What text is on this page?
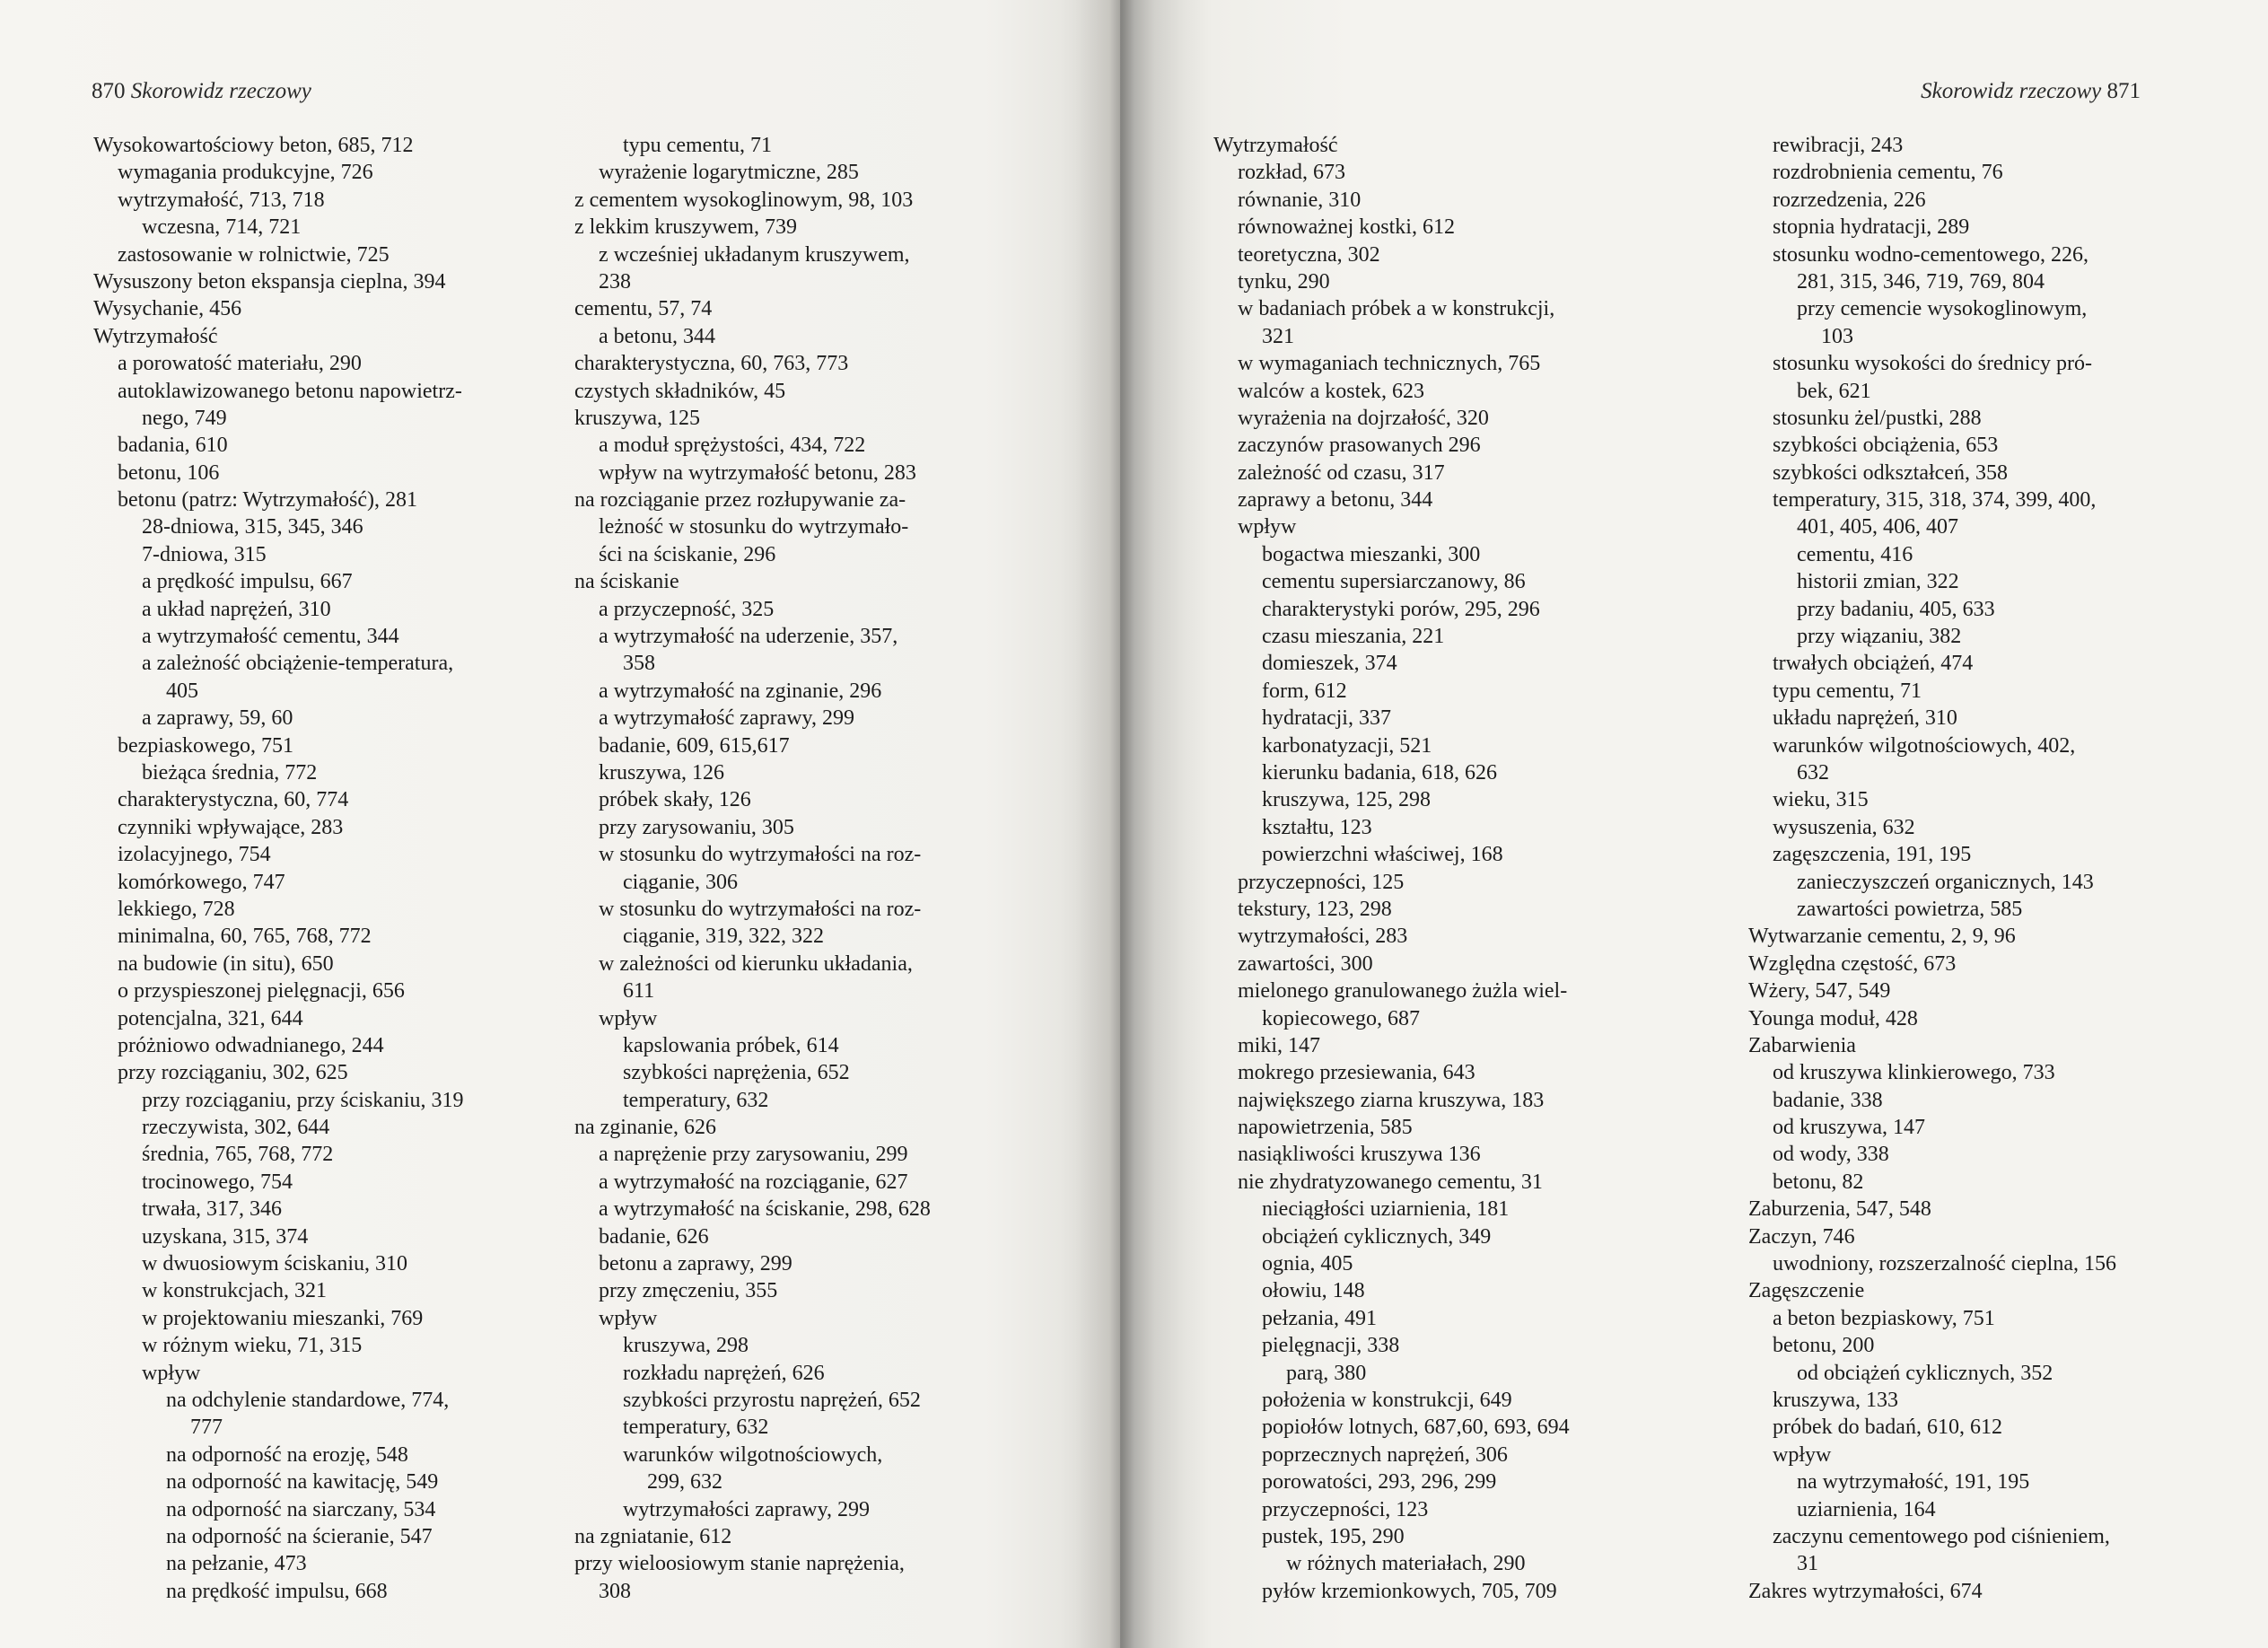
870 Skorowidz rzeczowy
Wysokowartościowy beton, 685, 712
wymagania produkcyjne, 726
wytrzymałość, 713, 718
wczesna, 714, 721
zastosowanie w rolnictwie, 725
Wysuszony beton ekspansja cieplna, 394
Wysychanie, 456
Wytrzymałość
a porowatość materiału, 290
autoklawizowanego betonu napowietrz-
nego, 749
badania, 610
betonu, 106
betonu (patrz: Wytrzymałość), 281
28-dniowa, 315, 345, 346
7-dniowa, 315
a prędkość impulsu, 667
a układ naprężeń, 310
a wytrzymałość cementu, 344
a zależność obciążenie-temperatura,
405
a zaprawy, 59, 60
bezpiaskowego, 751
bieżąca średnia, 772
charakterystyczna, 60, 774
czynniki wpływające, 283
izolacyjnego, 754
komórkowego, 747
lekkiego, 728
minimalna, 60, 765, 768, 772
na budowie (in situ), 650
o przyspieszonej pielęgnacji, 656
potencjalna, 321, 644
próżniowo odwadnianego, 244
przy rozciąganiu, 302, 625
przy rozciąganiu, przy ściskaniu, 319
rzeczywista, 302, 644
średnia, 765, 768, 772
trocinowego, 754
trwała, 317, 346
uzyskana, 315, 374
w dwuosiowym ściskaniu, 310
w konstrukcjach, 321
w projektowaniu mieszanki, 769
w różnym wieku, 71, 315
wpływ
na odchylenie standardowe, 774,
777
na odporność na erozję, 548
na odporność na kawitację, 549
na odporność na siarczany, 534
na odporność na ścieranie, 547
na pełzanie, 473
na prędkość impulsu, 668
typu cementu, 71
wyrażenie logarytmiczne, 285
z cementem wysokoglinowym, 98, 103
z lekkim kruszywem, 739
z wcześniej układanym kruszywem,
238
cementu, 57, 74
a betonu, 344
charakterystyczna, 60, 763, 773
czystych składników, 45
kruszywa, 125
a moduł sprężystości, 434, 722
wpływ na wytrzymałość betonu, 283
na rozciąganie przez rozłupywanie za-
leżność w stosunku do wytrzymało-
ści na ściskanie, 296
na ściskanie
a przyczepność, 325
a wytrzymałość na uderzenie, 357,
358
a wytrzymałość na zginanie, 296
a wytrzymałość zaprawy, 299
badanie, 609, 615,617
kruszywa, 126
próbek skały, 126
przy zarysowaniu, 305
w stosunku do wytrzymałości na roz-
ciąganie, 306
w stosunku do wytrzymałości na roz-
ciąganie, 319, 322, 322
w zależności od kierunku układania,
611
wpływ
kapslowania próbek, 614
szybkości naprężenia, 652
temperatury, 632
na zginanie, 626
a naprężenie przy zarysowaniu, 299
a wytrzymałość na rozciąganie, 627
a wytrzymałość na ściskanie, 298, 628
badanie, 626
betonu a zaprawy, 299
przy zmęczeniu, 355
wpływ
kruszywa, 298
rozkładu naprężeń, 626
szybkości przyrostu naprężeń, 652
temperatury, 632
warunków wilgotnościowych,
299, 632
wytrzymałości zaprawy, 299
na zgniatanie, 612
przy wieloosiowym stanie naprężenia,
308
Skorowidz rzeczowy 871
Wytrzymałość
rozkład, 673
równanie, 310
równoważnej kostki, 612
teoretyczna, 302
tynku, 290
w badaniach próbek a w konstrukcji,
321
w wymaganiach technicznych, 765
walców a kostek, 623
wyrażenia na dojrzałość, 320
zaczynów prasowanych 296
zależność od czasu, 317
zaprawy a betonu, 344
wpływ
bogactwa mieszanki, 300
cementu supersiarczanowy, 86
charakterystyki porów, 295, 296
czasu mieszania, 221
domieszek, 374
form, 612
hydratacji, 337
karbonatyzacji, 521
kierunku badania, 618, 626
kruszywa, 125, 298
kształtu, 123
powierzchni właściwej, 168
przyczepności, 125
tekstury, 123, 298
wytrzymałości, 283
zawartości, 300
mielonego granulowanego żużla wiel-
kopiecowego, 687
miki, 147
mokrego przesiewania, 643
największego ziarna kruszywa, 183
napowietrzenia, 585
nasiąkliwości kruszywa 136
nie zhydratyzowanego cementu, 31
nieciągłości uziarnienia, 181
obciążeń cyklicznych, 349
ognia, 405
ołowiu, 148
pełzania, 491
pielęgnacji, 338
parą, 380
położenia w konstrukcji, 649
popiołów lotnych, 687,60, 693, 694
poprzecznych naprężeń, 306
porowatości, 293, 296, 299
przyczepności, 123
pustek, 195, 290
w różnych materiałach, 290
pyłów krzemionkowych, 705, 709
rewibracji, 243
rozdrobnienia cementu, 76
rozrzedzenia, 226
stopnia hydratacji, 289
stosunku wodno-cementowego, 226,
281, 315, 346, 719, 769, 804
przy cemencie wysokoglinowym,
103
stosunku wysokości do średnicy pró-
bek, 621
stosunku żel/pustki, 288
szybkości obciążenia, 653
szybkości odkształceń, 358
temperatury, 315, 318, 374, 399, 400,
401, 405, 406, 407
cementu, 416
historii zmian, 322
przy badaniu, 405, 633
przy wiązaniu, 382
trwałych obciążeń, 474
typu cementu, 71
układu naprężeń, 310
warunków wilgotnościowych, 402,
632
wieku, 315
wysuszenia, 632
zagęszczenia, 191, 195
zanieczyszczeń organicznych, 143
zawartości powietrza, 585
Wytwarzanie cementu, 2, 9, 96
Względna częstość, 673
Wżery, 547, 549
Younga moduł, 428
Zabarwienia
od kruszywa klinkierowego, 733
badanie, 338
od kruszywa, 147
od wody, 338
betonu, 82
Zaburzenia, 547, 548
Zaczyn, 746
uwodniony, rozszerzalność cieplna, 156
Zagęszczenie
a beton bezpiaskowy, 751
betonu, 200
od obciążeń cyklicznych, 352
kruszywa, 133
próbek do badań, 610, 612
wpływ
na wytrzymałość, 191, 195
uziarnienia, 164
zaczynu cementowego pod ciśnieniem,
31
Zakres wytrzymałości, 674
